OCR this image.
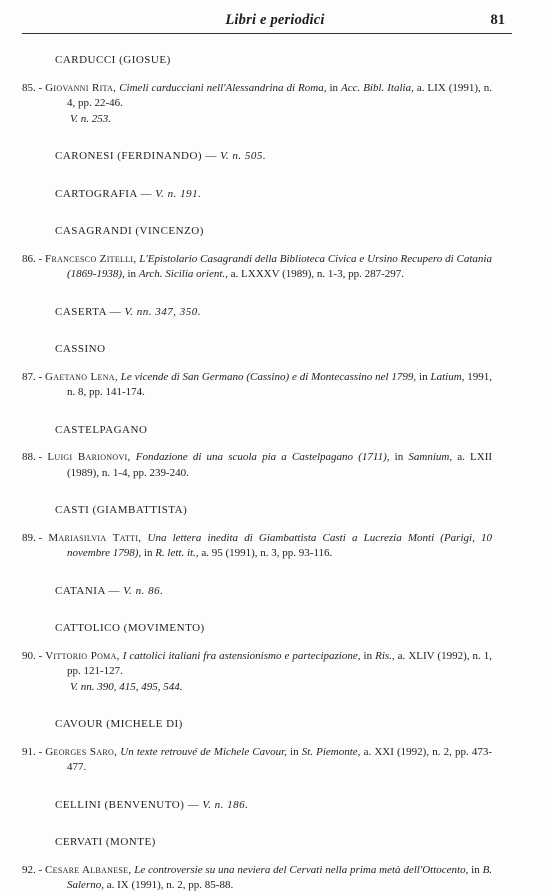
Libri e periodici	81
CARDUCCI (GIOSUE)
85. - Giovanni Rita, Cimeli carducciani nell'Alessandrina di Roma, in Acc. Bibl. Italia, a. LIX (1991), n. 4, pp. 22-46.
V. n. 253.
CARONESI (FERDINANDO) — V. n. 505.
CARTOGRAFIA — V. n. 191.
CASAGRANDI (VINCENZO)
86. - Francesco Zitelli, L'Epistolario Casagrandi della Biblioteca Civica e Ursino Recupero di Catania (1869-1938), in Arch. Sicilia orient., a. LXXXV (1989), n. 1-3, pp. 287-297.
CASERTA — V. nn. 347, 350.
CASSINO
87. - Gaetano Lena, Le vicende di San Germano (Cassino) e di Montecassino nel 1799, in Latium, 1991, n. 8, pp. 141-174.
CASTELPAGANO
88. - Luigi Barionovi, Fondazione di una scuola pia a Castelpagano (1711), in Samnium, a. LXII (1989), n. 1-4, pp. 239-240.
CASTI (GIAMBATTISTA)
89. - Mariasilvia Tatti, Una lettera inedita di Giambattista Casti a Lucrezia Monti (Parigi, 10 novembre 1798), in R. lett. it., a. 95 (1991), n. 3, pp. 93-116.
CATANIA — V. n. 86.
CATTOLICO (MOVIMENTO)
90. - Vittorio Poma, I cattolici italiani fra astensionismo e partecipazione, in Ris., a. XLIV (1992), n. 1, pp. 121-127.
V. nn. 390, 415, 495, 544.
CAVOUR (MICHELE DI)
91. - Georges Saro, Un texte retrouvé de Michele Cavour, in St. Piemonte, a. XXI (1992), n. 2, pp. 473-477.
CELLINI (BENVENUTO) — V. n. 186.
CERVATI (MONTE)
92. - Cesare Albanese, Le controversie su una neviera del Cervati nella prima metà dell'Ottocento, in B. Salerno, a. IX (1991), n. 2, pp. 85-88.
